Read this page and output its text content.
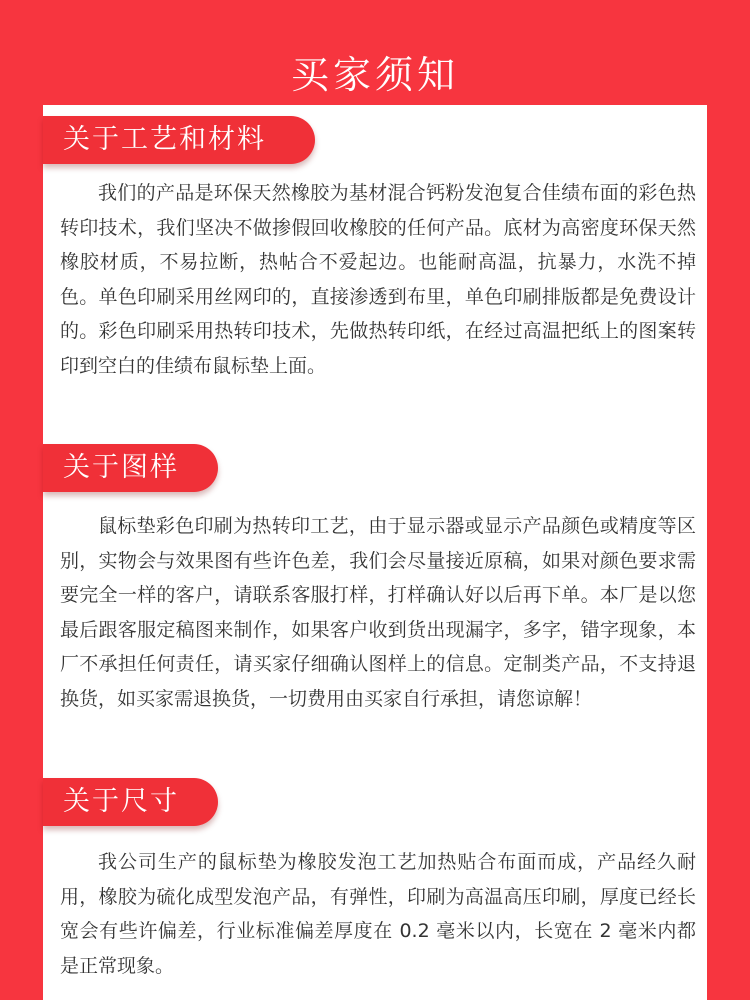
买家须知
关于工艺和材料

我们的产品是环保天然橡胶为基材混合钙粉发泡复合佳绩布面的彩色热转印技术，我们坚决不做掺假回收橡胶的任何产品。底材为高密度环保天然橡胶材质，不易拉断，热帖合不爱起边。也能耐高温，抗暴力，水洗不掉色。单色印刷采用丝网印的，直接渗透到布里，单色印刷排版都是免费设计的。彩色印刷采用热转印技术，先做热转印纸，在经过高温把纸上的图案转印到空白的佳绩布鼠标垫上面。

关于图样

鼠标垫彩色印刷为热转印工艺，由于显示器或显示产品颜色或精度等区别，实物会与效果图有些许色差，我们会尽量接近原稿，如果对颜色要求需要完全一样的客户，请联系客服打样，打样确认好以后再下单。本厂是以您最后跟客服定稿图来制作，如果客户收到货出现漏字，多字，错字现象，本厂不承担任何责任，请买家仔细确认图样上的信息。定制类产品，不支持退换货，如买家需退换货，一切费用由买家自行承担，请您谅解！

关于尺寸

我公司生产的鼠标垫为橡胶发泡工艺加热贴合布面而成，产品经久耐用，橡胶为硫化成型发泡产品，有弹性，印刷为高温高压印刷，厚度已经长宽会有些许偏差，行业标准偏差厚度在 0.2 毫米以内，长宽在 2 毫米内都是正常现象。
